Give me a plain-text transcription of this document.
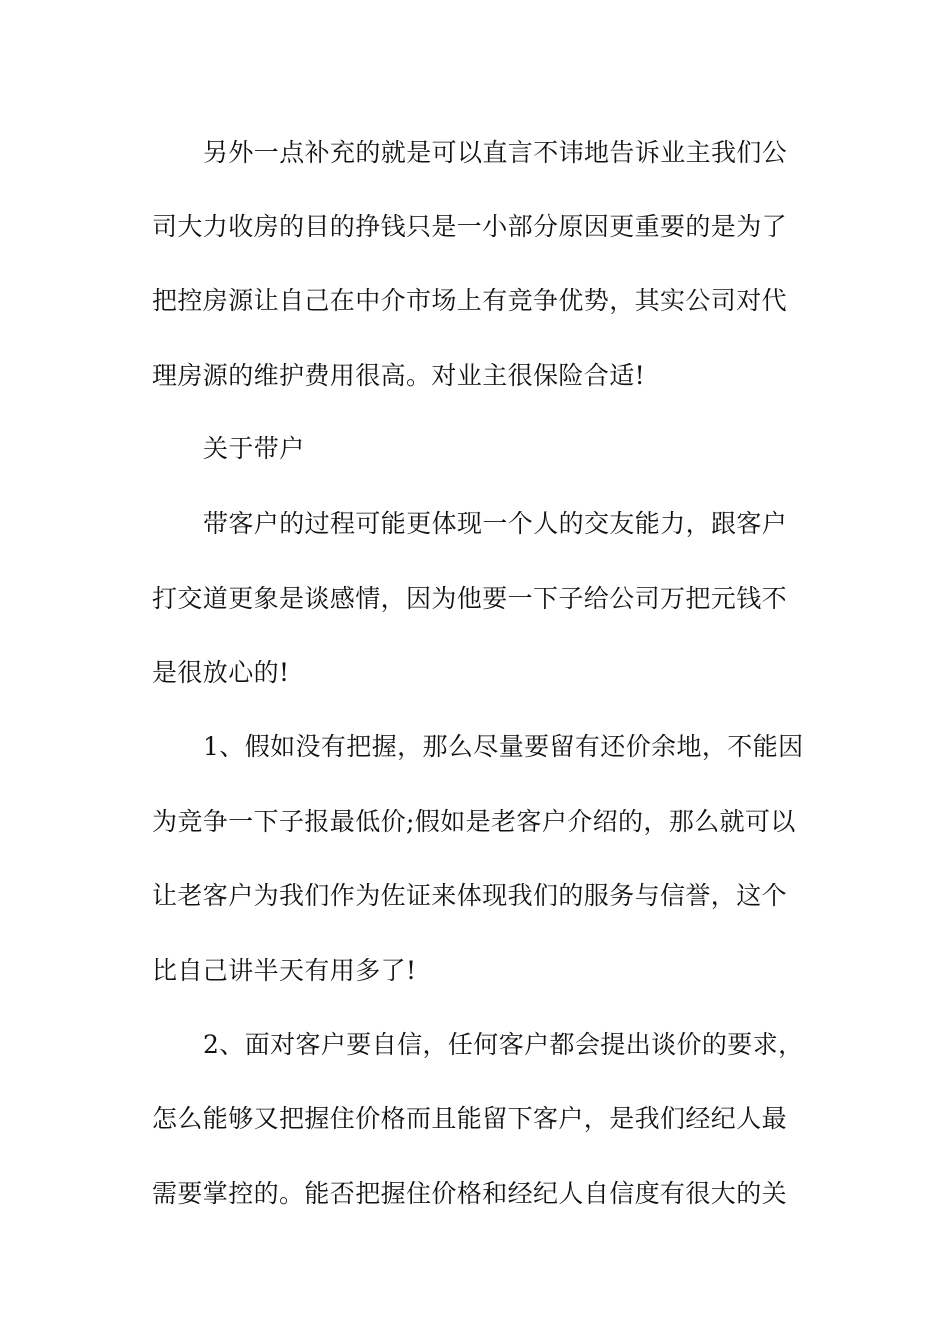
另外一点补充的就是可以直言不讳地告诉业主我们公
司大力收房的目的挣钱只是一小部分原因更重要的是为了
把控房源让自己在中介市场上有竞争优势，其实公司对代
理房源的维护费用很高。对业主很保险合适!
关于带户
带客户的过程可能更体现一个人的交友能力，跟客户
打交道更象是谈感情，因为他要一下子给公司万把元钱不
是很放心的!
1、假如没有把握，那么尽量要留有还价余地，不能因
为竞争一下子报最低价;假如是老客户介绍的，那么就可以
让老客户为我们作为佐证来体现我们的服务与信誉，这个
比自己讲半天有用多了!
2、面对客户要自信，任何客户都会提出谈价的要求，
怎么能够又把握住价格而且能留下客户，是我们经纪人最
需要掌控的。能否把握住价格和经纪人自信度有很大的关
